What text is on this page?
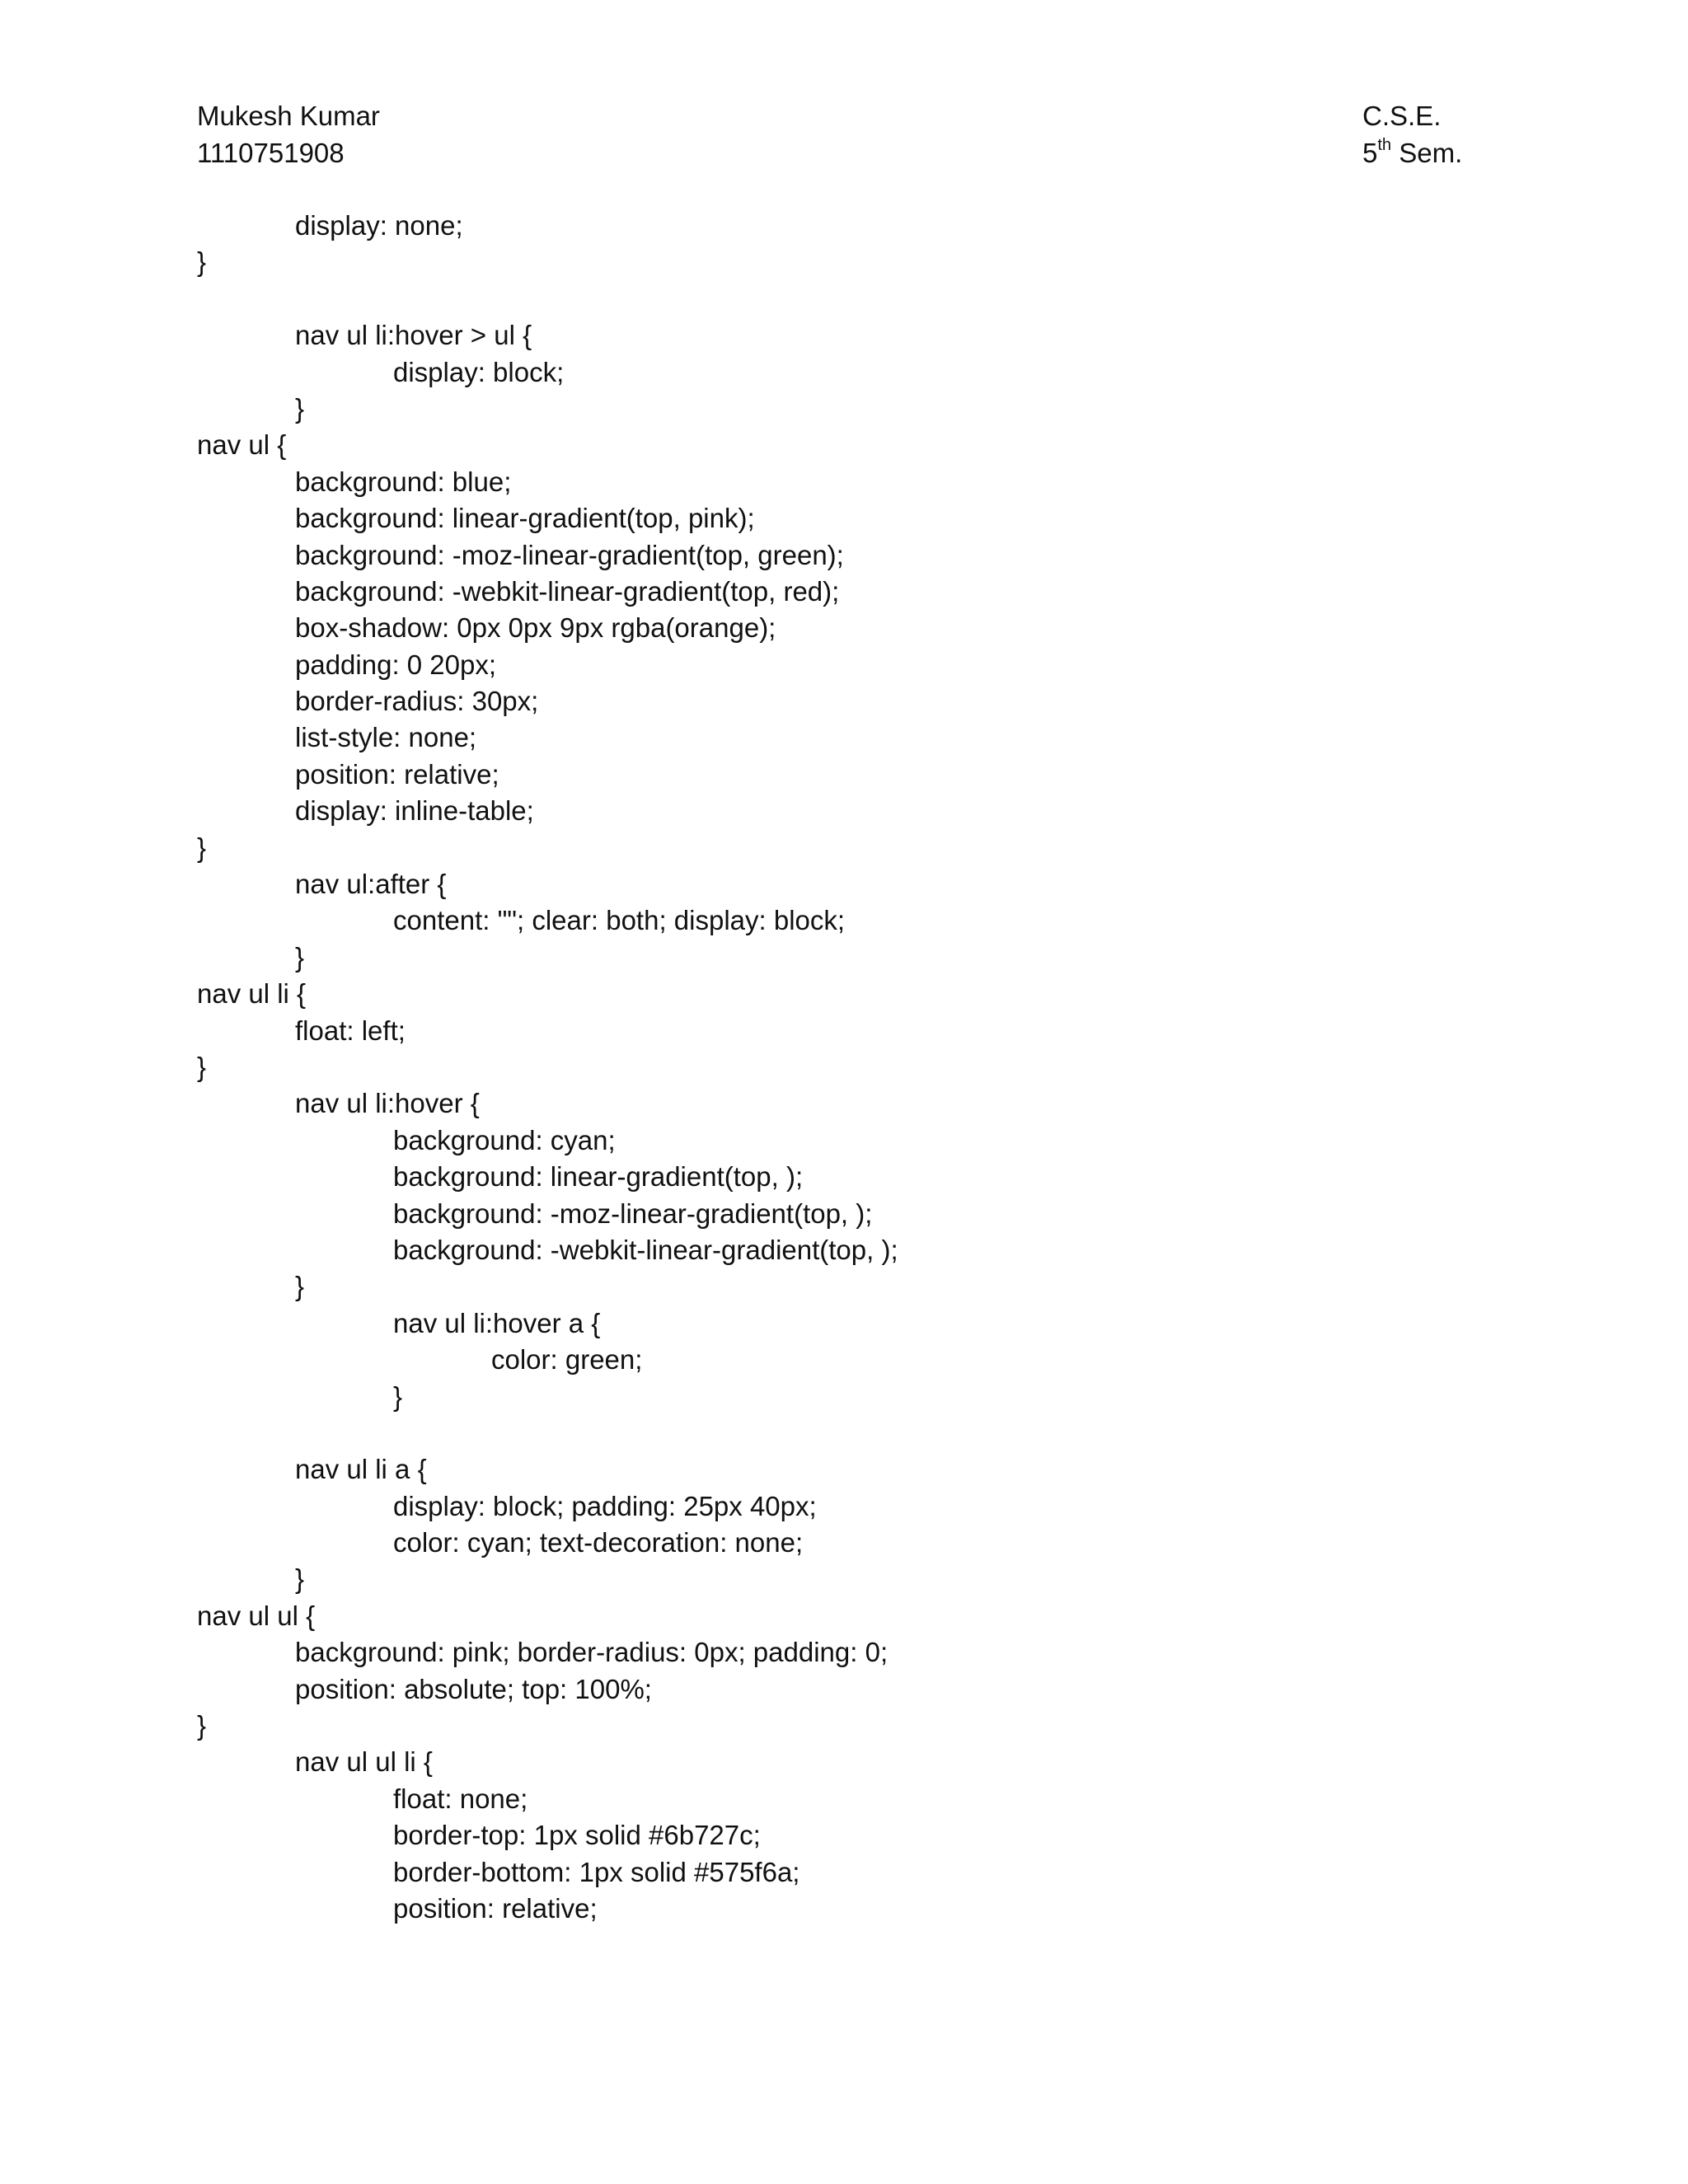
Mukesh Kumar
1110751908
C.S.E.
5th Sem.
display: none;
}
nav ul li:hover > ul {
display: block;
}
nav ul {
background: blue;
background: linear-gradient(top, pink);
background: -moz-linear-gradient(top, green);
background: -webkit-linear-gradient(top, red);
box-shadow: 0px 0px 9px rgba(orange);
padding: 0 20px;
border-radius: 30px;
list-style: none;
position: relative;
display: inline-table;
}
nav ul:after {
content: ""; clear: both; display: block;
}
nav ul li {
float: left;
}
nav ul li:hover {
background: cyan;
background: linear-gradient(top, );
background: -moz-linear-gradient(top, );
background: -webkit-linear-gradient(top, );
}
nav ul li:hover a {
color: green;
}
nav ul li a {
display: block; padding: 25px 40px;
color: cyan; text-decoration: none;
}
nav ul ul {
background: pink; border-radius: 0px; padding: 0;
position: absolute; top: 100%;
}
nav ul ul li {
float: none;
border-top: 1px solid #6b727c;
border-bottom: 1px solid #575f6a;
position: relative;
